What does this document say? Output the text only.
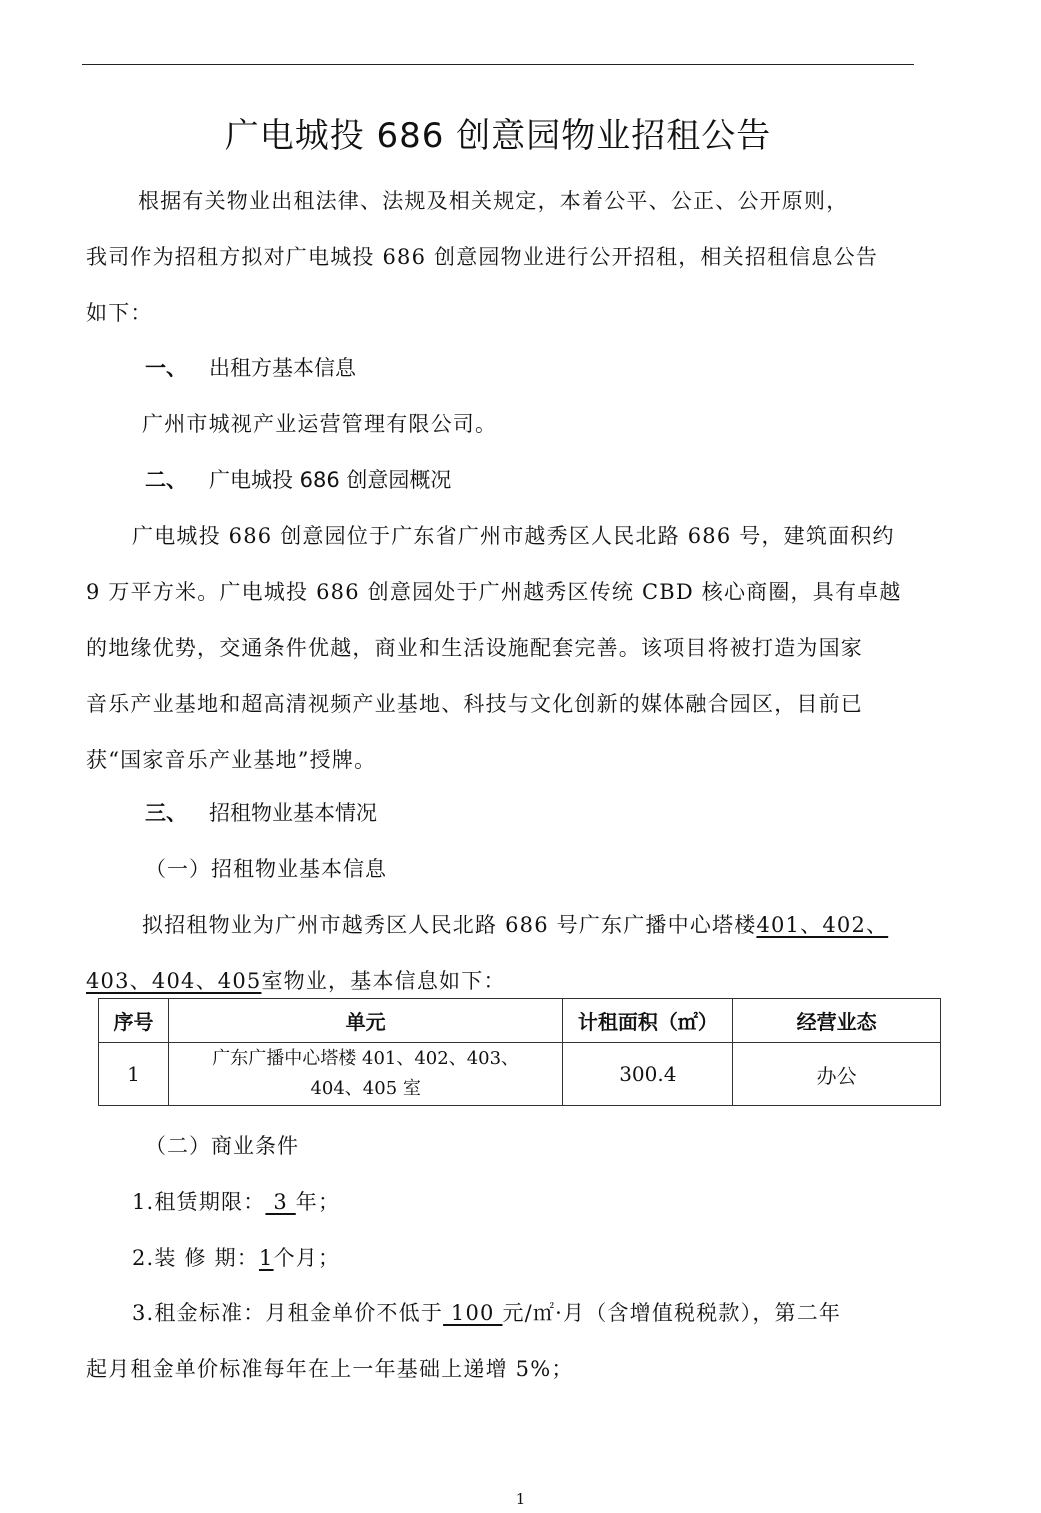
广电城投 686 创意园物业招租公告

根据有关物业出租法律、法规及相关规定，本着公平、公正、公开原则，

我司作为招租方拟对广电城投 686 创意园物业进行公开招租，相关招租信息公告

如下：

一、 出租方基本信息

广州市城视产业运营管理有限公司。

二、 广电城投 686 创意园概况

广电城投 686 创意园位于广东省广州市越秀区人民北路 686 号，建筑面积约

9 万平方米。广电城投 686 创意园处于广州越秀区传统 CBD 核心商圈，具有卓越

的地缘优势，交通条件优越，商业和生活设施配套完善。该项目将被打造为国家

音乐产业基地和超高清视频产业基地、科技与文化创新的媒体融合园区，目前已

获“国家音乐产业基地”授牌。

三、 招租物业基本情况
（一）招租物业基本信息

拟招租物业为广州市越秀区人民北路 686 号广东广播中心塔楼401、402、

403、404、405室物业，基本信息如下：

序号	单元	计租面积（㎡）	经营业态
1	广东广播中心塔楼 401、402、403、
404、405 室	300.4	办公
（二）商业条件

1.租赁期限： 3 年；

2.装 修 期：1个月；

3.租金标准：月租金单价不低于 100 元/㎡·月（含增值税税款），第二年

起月租金单价标准每年在上一年基础上递增 5%；

1
